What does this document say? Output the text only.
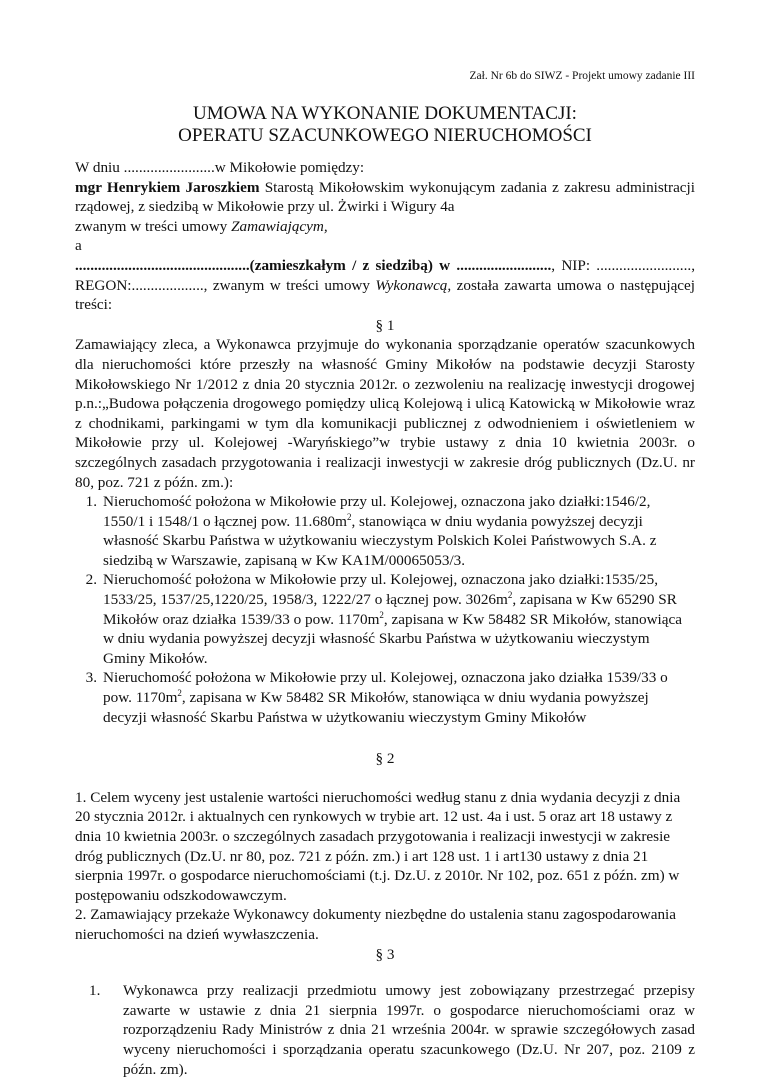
Zał. Nr 6b do SIWZ - Projekt umowy zadanie III
UMOWA NA WYKONANIE DOKUMENTACJI:
OPERATU SZACUNKOWEGO NIERUCHOMOŚCI

W dniu ........................w Mikołowie pomiędzy:

mgr Henrykiem Jaroszkiem Starostą Mikołowskim wykonującym zadania z zakresu administracji rządowej, z siedzibą w Mikołowie przy ul. Żwirki i Wigury 4a

zwanym w treści umowy Zamawiającym,

a

..............................................(zamieszkałym / z siedzibą) w ........................., NIP: ........................., REGON:..................., zwanym w treści umowy Wykonawcą, została zawarta umowa o następującej treści:

§ 1

Zamawiający zleca, a Wykonawca przyjmuje do wykonania sporządzanie operatów szacunkowych dla nieruchomości które przeszły na własność Gminy Mikołów na podstawie decyzji Starosty Mikołowskiego Nr 1/2012 z dnia 20 stycznia 2012r. o zezwoleniu na realizację inwestycji drogowej p.n.:„Budowa połączenia drogowego pomiędzy ulicą Kolejową i ulicą Katowicką w Mikołowie wraz z chodnikami, parkingami w tym dla komunikacji publicznej z odwodnieniem i oświetleniem w Mikołowie przy ul. Kolejowej -Waryńskiego”w trybie ustawy z dnia 10 kwietnia 2003r. o szczególnych zasadach przygotowania i realizacji inwestycji w zakresie dróg publicznych (Dz.U. nr 80, poz. 721 z późn. zm.):

1. Nieruchomość położona w Mikołowie przy ul. Kolejowej, oznaczona jako działki:1546/2, 1550/1 i 1548/1 o łącznej pow. $11.680m^2$, stanowiąca w dniu wydania powyższej decyzji własność Skarbu Państwa w użytkowaniu wieczystym Polskich Kolei Państwowych S.A. z siedzibą w Warszawie, zapisaną w Kw KA1M/00065053/3.
2. Nieruchomość położona w Mikołowie przy ul. Kolejowej, oznaczona jako działki:1535/25, 1533/25, 1537/25,1220/25, 1958/3, 1222/27 o łącznej pow. $3026m^2$, zapisana w Kw 65290 SR Mikołów oraz działka 1539/33 o pow. $1170m^2$, zapisana w Kw 58482 SR Mikołów, stanowiąca w dniu wydania powyższej decyzji własność Skarbu Państwa w użytkowaniu wieczystym Gminy Mikołów.
3. Nieruchomość położona w Mikołowie przy ul. Kolejowej, oznaczona jako działka 1539/33 o pow. $1170m^2$, zapisana w Kw 58482 SR Mikołów, stanowiąca w dniu wydania powyższej decyzji własność Skarbu Państwa w użytkowaniu wieczystym Gminy Mikołów

§ 2

1. Celem wyceny jest ustalenie wartości nieruchomości według stanu z dnia wydania decyzji z dnia 20 stycznia 2012r. i aktualnych cen rynkowych w trybie art. 12 ust. 4a i ust. 5 oraz art 18 ustawy z dnia 10 kwietnia 2003r. o szczególnych zasadach przygotowania i realizacji inwestycji w zakresie dróg publicznych (Dz.U. nr 80, poz. 721 z późn. zm.) i art 128 ust. 1 i art130 ustawy z dnia 21 sierpnia 1997r. o gospodarce nieruchomościami (t.j. Dz.U. z 2010r. Nr 102, poz. 651 z późn. zm) w postępowaniu odszkodowawczym.

2. Zamawiający przekaże Wykonawcy dokumenty niezbędne do ustalenia stanu zagospodarowania nieruchomości na dzień wywłaszczenia.

§ 3

1.	Wykonawca przy realizacji przedmiotu umowy jest zobowiązany przestrzegać przepisy zawarte w ustawie z dnia 21 sierpnia 1997r. o gospodarce nieruchomościami oraz w rozporządzeniu Rady Ministrów z dnia 21 września 2004r. w sprawie szczegółowych zasad wyceny nieruchomości i sporządzania operatu szacunkowego (Dz.U. Nr 207, poz. 2109 z późn. zm).
